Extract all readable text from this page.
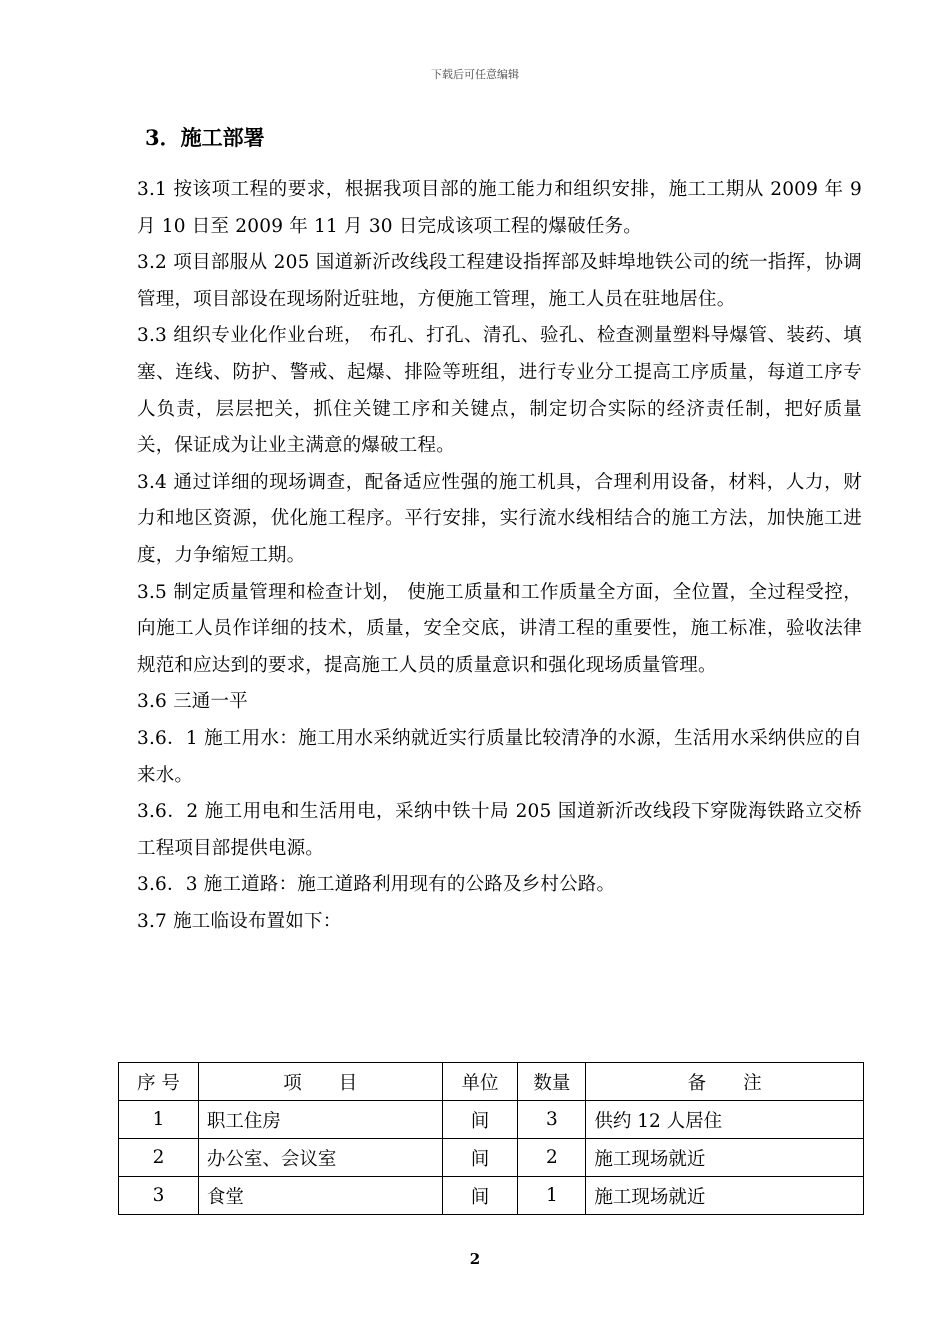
下载后可任意编辑
3．施工部署

3.1 按该项工程的要求，根据我项目部的施工能力和组织安排，施工工期从 2009 年 9 月 10 日至 2009 年 11 月 30 日完成该项工程的爆破任务。

3.2 项目部服从 205 国道新沂改线段工程建设指挥部及蚌埠地铁公司的统一指挥，协调管理，项目部设在现场附近驻地，方便施工管理，施工人员在驻地居住。

3.3 组织专业化作业台班， 布孔、打孔、清孔、验孔、检查测量塑料导爆管、装药、填塞、连线、防护、警戒、起爆、排险等班组，进行专业分工提高工序质量，每道工序专人负责，层层把关，抓住关键工序和关键点，制定切合实际的经济责任制，把好质量关，保证成为让业主满意的爆破工程。

3.4 通过详细的现场调查，配备适应性强的施工机具，合理利用设备，材料，人力，财力和地区资源，优化施工程序。平行安排，实行流水线相结合的施工方法，加快施工进度，力争缩短工期。

3.5 制定质量管理和检查计划， 使施工质量和工作质量全方面，全位置，全过程受控，向施工人员作详细的技术，质量，安全交底，讲清工程的重要性，施工标准，验收法律规范和应达到的要求，提高施工人员的质量意识和强化现场质量管理。

3.6 三通一平

3.6．1 施工用水：施工用水采纳就近实行质量比较清净的水源，生活用水采纳供应的自来水。

3.6．2 施工用电和生活用电，采纳中铁十局 205 国道新沂改线段下穿陇海铁路立交桥工程项目部提供电源。

3.6．3 施工道路：施工道路利用现有的公路及乡村公路。

3.7 施工临设布置如下：

序 号	项　　目	单位	数量	备　　注
1	职工住房	间	3	供约 12 人居住
2	办公室、会议室	间	2	施工现场就近
3	食堂	间	1	施工现场就近
2
